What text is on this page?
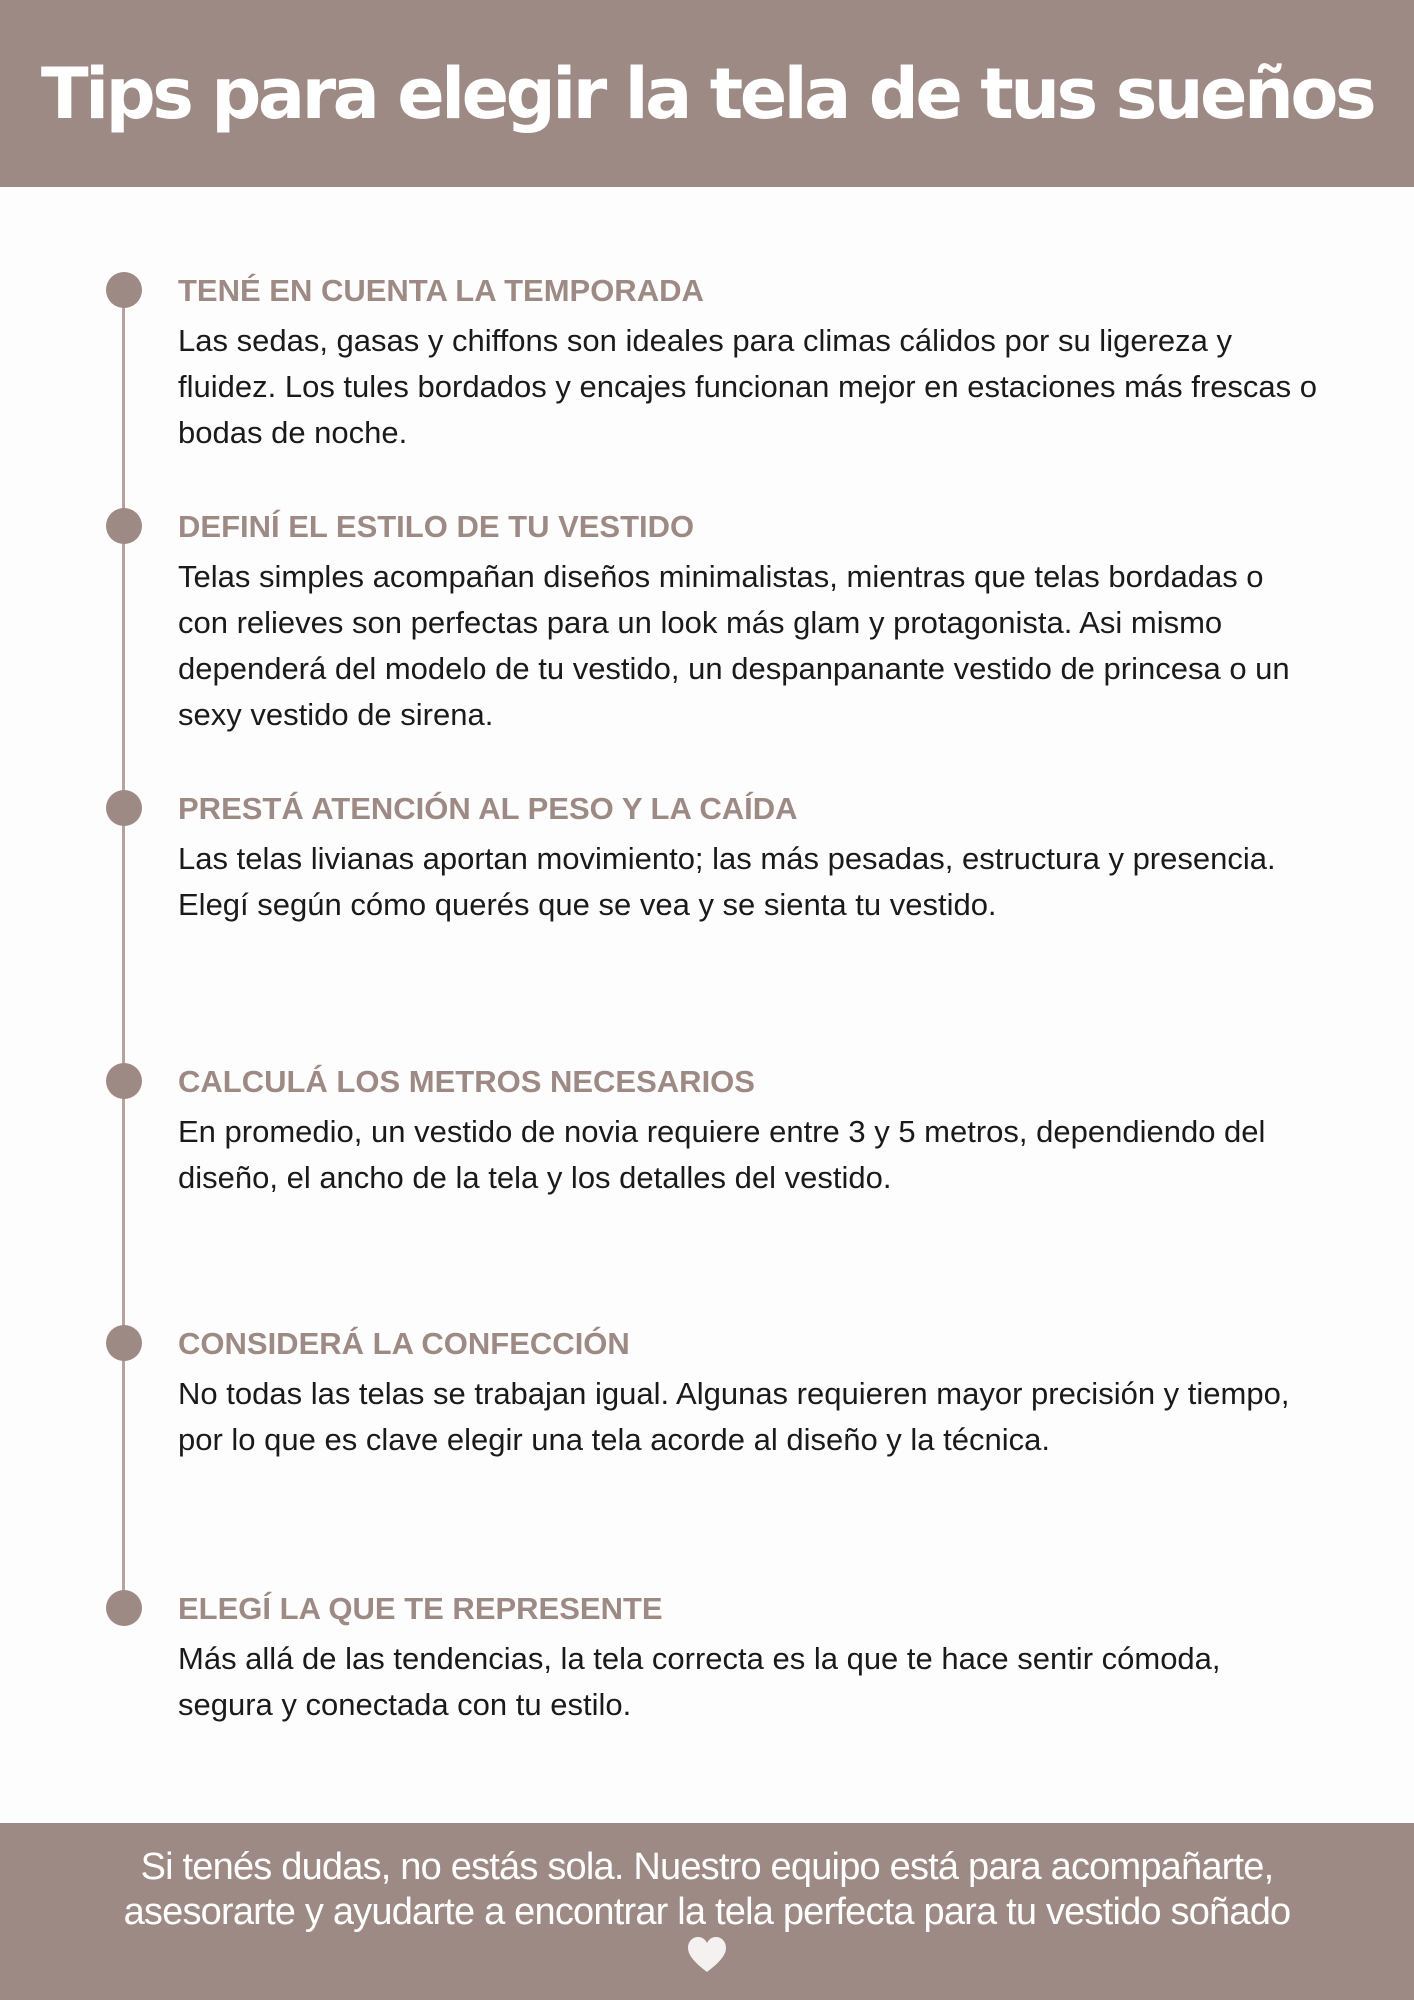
Tips para elegir la tela de tus sueños
TENÉ EN CUENTA LA TEMPORADA

Las sedas, gasas y chiffons son ideales para climas cálidos por su ligereza y fluidez. Los tules bordados y encajes funcionan mejor en estaciones más frescas o bodas de noche.

DEFINÍ EL ESTILO DE TU VESTIDO

Telas simples acompañan diseños minimalistas, mientras que telas bordadas o con relieves son perfectas para un look más glam y protagonista. Asi mismo dependerá del modelo de tu vestido, un despanpanante vestido de princesa o un sexy vestido de sirena.

PRESTÁ ATENCIÓN AL PESO Y LA CAÍDA

Las telas livianas aportan movimiento; las más pesadas, estructura y presencia. Elegí según cómo querés que se vea y se sienta tu vestido.

CALCULÁ LOS METROS NECESARIOS

En promedio, un vestido de novia requiere entre 3 y 5 metros, dependiendo del diseño, el ancho de la tela y los detalles del vestido.

CONSIDERÁ LA CONFECCIÓN

No todas las telas se trabajan igual. Algunas requieren mayor precisión y tiempo, por lo que es clave elegir una tela acorde al diseño y la técnica.

ELEGÍ LA QUE TE REPRESENTE

Más allá de las tendencias, la tela correcta es la que te hace sentir cómoda, segura y conectada con tu estilo.

Si tenés dudas, no estás sola. Nuestro equipo está para acompañarte,
asesorarte y ayudarte a encontrar la tela perfecta para tu vestido soñado
